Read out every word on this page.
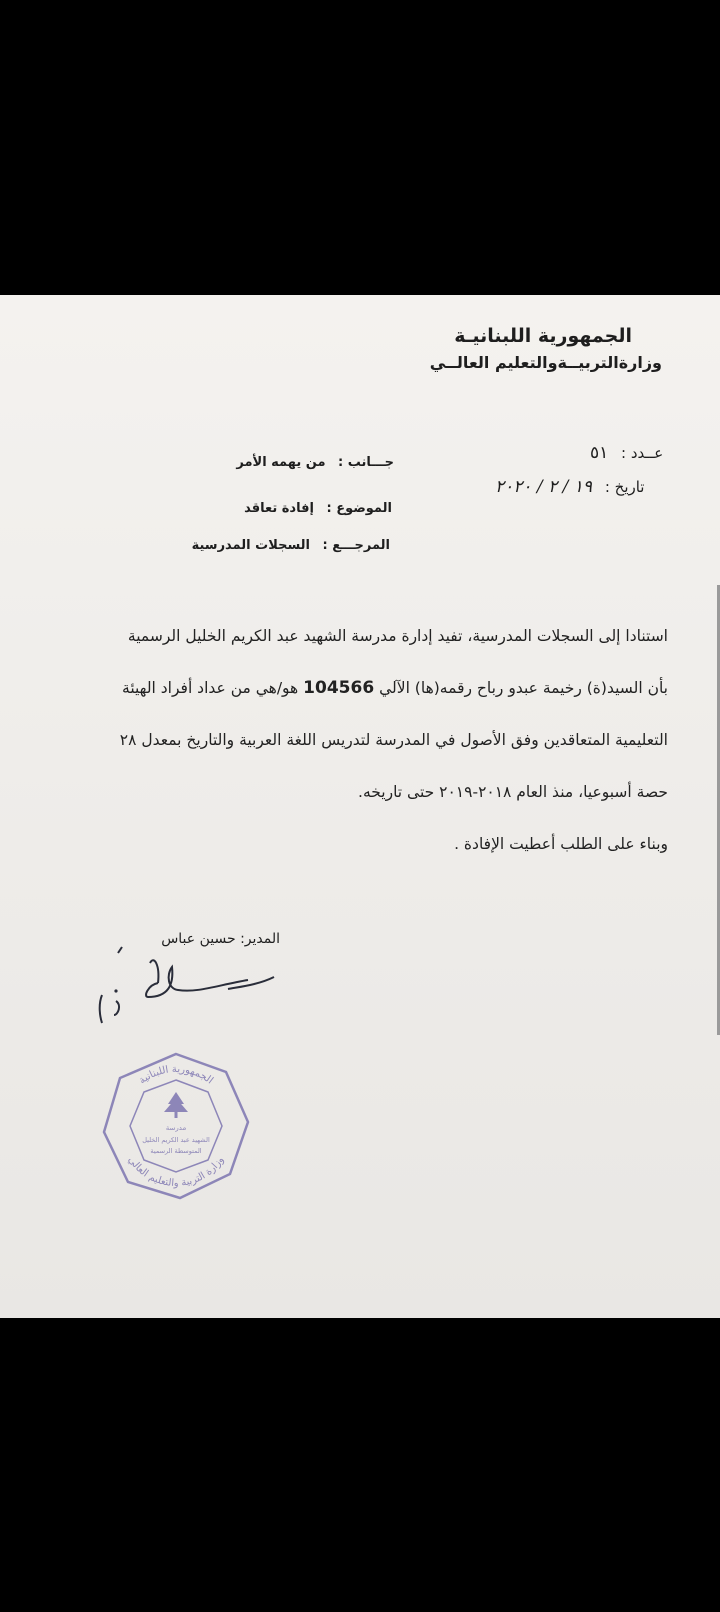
الجمهورية اللبنانيـة
وزارةالتربيــةوالتعليم العالــي
عــدد : ٥١
تاريخ : ١٩ / ٢ / ٢٠٢٠
جـــانب : من يهمه الأمر
الموضوع : إفادة تعاقد
المرجـــع : السجلات المدرسية

استنادا إلى السجلات المدرسية، تفيد إدارة مدرسة الشهيد عبد الكريم الخليل الرسمية

بأن السيد(ة) رخيمة عبدو رباح رقمه(ها) الآلي 104566 هو/هي من عداد أفراد الهيئة

التعليمية المتعاقدين وفق الأصول في المدرسة لتدريس اللغة العربية والتاريخ بمعدل ٢٨

حصة أسبوعيا، منذ العام ٢٠١٨-٢٠١٩ حتى تاريخه.

وبناء على الطلب أعطيت الإفادة .

المدير: حسين عباس
الجمهورية اللبنانية
وزارة التربية والتعليم العالي
مدرسة
الشهيد عبد الكريم الخليل
المتوسطة الرسمية
